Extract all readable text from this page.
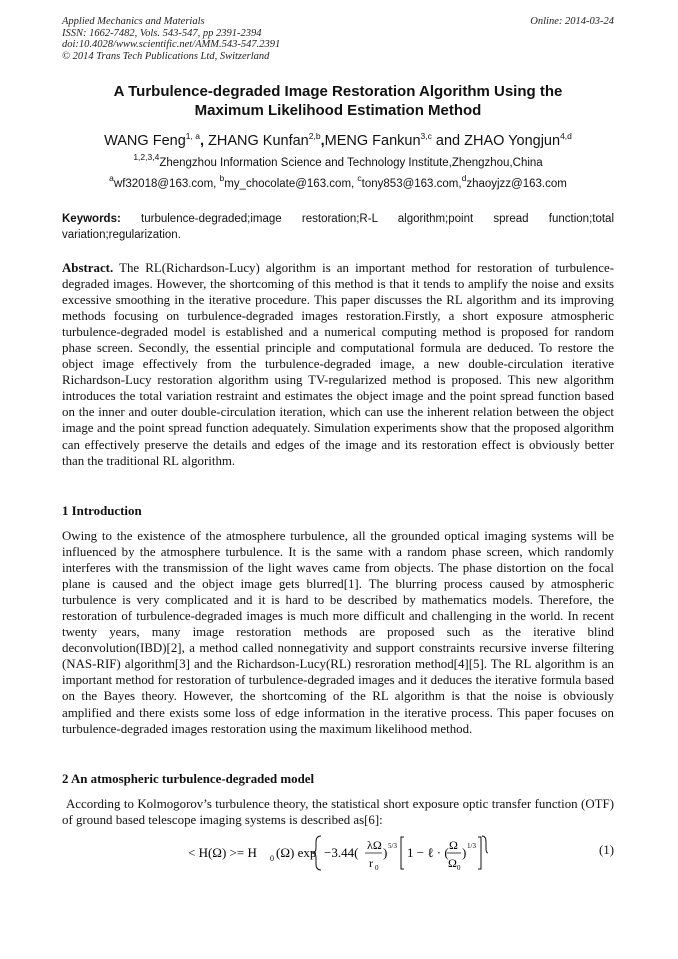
Applied Mechanics and Materials
ISSN: 1662-7482, Vols. 543-547, pp 2391-2394
doi:10.4028/www.scientific.net/AMM.543-547.2391
© 2014 Trans Tech Publications Ltd, Switzerland
Online: 2014-03-24
A Turbulence-degraded Image Restoration Algorithm Using the
Maximum Likelihood Estimation Method
WANG Feng$^{1, a}$, ZHANG Kunfan$^{2,b}$,MENG Fankun$^{3,c}$ and ZHAO Yongjun$^{4,d}$
$^{1,2,3,4}$Zhengzhou Information Science and Technology Institute,Zhengzhou,China
$^a$wf32018@163.com, $^b$my_chocolate@163.com, $^c$tony853@163.com,$^d$zhaoyjzz@163.com
Keywords: turbulence-degraded;image restoration;R-L algorithm;point spread function;total variation;regularization.
Abstract. The RL(Richardson-Lucy) algorithm is an important method for restoration of turbulence-degraded images. However, the shortcoming of this method is that it tends to amplify the noise and exsits excessive smoothing in the iterative procedure. This paper discusses the RL algorithm and its improving methods focusing on turbulence-degraded images restoration.Firstly, a short exposure atmospheric turbulence-degraded model is established and a numerical computing method is proposed for random phase screen. Secondly, the essential principle and computational formula are deduced. To restore the object image effectively from the turbulence-degraded image, a new double-circulation iterative Richardson-Lucy restoration algorithm using TV-regularized method is proposed. This new algorithm introduces the total variation restraint and estimates the object image and the point spread function based on the inner and outer double-circulation iteration, which can use the inherent relation between the object image and the point spread function adequately. Simulation experiments show that the proposed algorithm can effectively preserve the details and edges of the image and its restoration effect is obviously better than the traditional RL algorithm.
1 Introduction
Owing to the existence of the atmosphere turbulence, all the grounded optical imaging systems will be influenced by the atmosphere turbulence. It is the same with a random phase screen, which randomly interferes with the transmission of the light waves came from objects. The phase distortion on the focal plane is caused and the object image gets blurred[1]. The blurring process caused by atmospheric turbulence is very complicated and it is hard to be described by mathematics models. Therefore, the restoration of turbulence-degraded images is much more difficult and challenging in the world. In recent twenty years, many image restoration methods are proposed such as the iterative blind deconvolution(IBD)[2], a method called nonnegativity and support constraints recursive inverse filtering (NAS-RIF) algorithm[3] and the Richardson-Lucy(RL) resroration method[4][5]. The RL algorithm is an important method for restoration of turbulence-degraded images and it deduces the iterative formula based on the Bayes theory. However, the shortcoming of the RL algorithm is that the noise is obviously amplified and there exists some loss of edge information in the iterative process. This paper focuses on turbulence-degraded images restoration using the maximum likelihood method.
2 An atmospheric turbulence-degraded model
According to Kolmogorov’s turbulence theory, the statistical short exposure optic transfer function (OTF) of ground based telescope imaging systems is described as[6]:
< H(Ω) >= H 0 (Ω) exp −3.44( λΩ
r 0
) 5/3 1 − ℓ · ( Ω
Ω 0
) 1/3	(1)
